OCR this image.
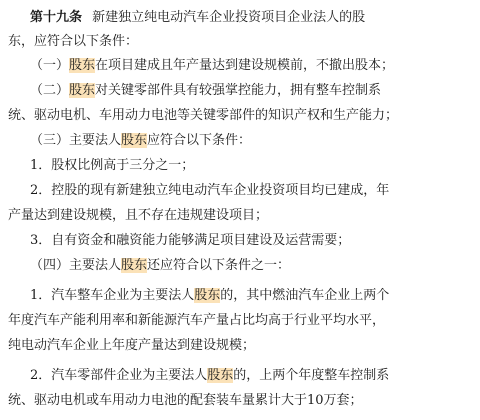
第十九条 新建独立纯电动汽车企业投资项目企业法人的股
东，应符合以下条件：
（一）股东在项目建成且年产量达到建设规模前，不撤出股本；
（二）股东对关键零部件具有较强掌控能力，拥有整车控制系
统、驱动电机、车用动力电池等关键零部件的知识产权和生产能力；
（三）主要法人股东应符合以下条件：
1．股权比例高于三分之一；
2．控股的现有新建独立纯电动汽车企业投资项目均已建成，年
产量达到建设规模，且不存在违规建设项目；
3．自有资金和融资能力能够满足项目建设及运营需要；
（四）主要法人股东还应符合以下条件之一：
1．汽车整车企业为主要法人股东的，其中燃油汽车企业上两个
年度汽车产能利用率和新能源汽车产量占比均高于行业平均水平，
纯电动汽车企业上年度产量达到建设规模；
2．汽车零部件企业为主要法人股东的，上两个年度整车控制系
统、驱动电机或车用动力电池的配套装车量累计大于10万套；
